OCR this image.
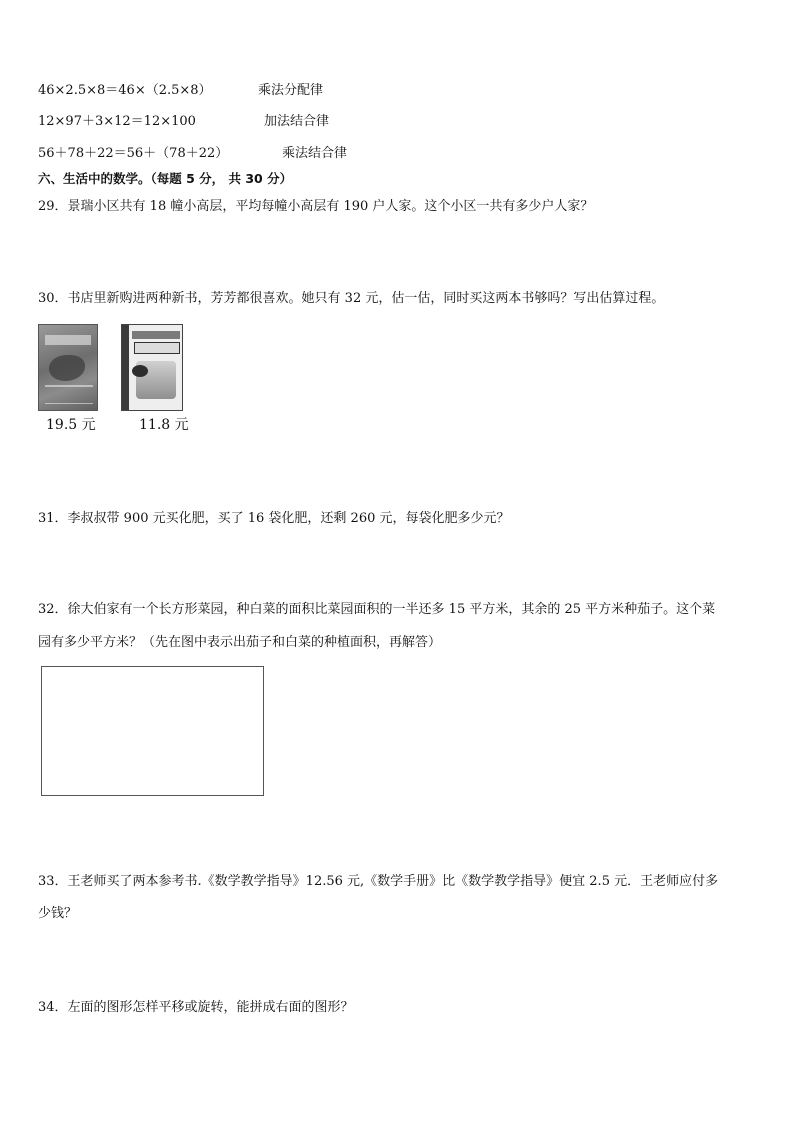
46×2.5×8＝46×（2.5×8）	乘法分配律
12×97＋3×12＝12×100	加法结合律
56＋78＋22＝56＋（78＋22）	乘法结合律
六、生活中的数学。（每题 5 分， 共 30 分）
29．景瑞小区共有 18 幢小高层，平均每幢小高层有 190 户人家。这个小区一共有多少户人家？
30．书店里新购进两种新书，芳芳都很喜欢。她只有 32 元，估一估，同时买这两本书够吗？写出估算过程。
19.5 元	11.8 元
31．李叔叔带 900 元买化肥，买了 16 袋化肥，还剩 260 元，每袋化肥多少元？
32．徐大伯家有一个长方形菜园，种白菜的面积比菜园面积的一半还多 15 平方米，其余的 25 平方米种茄子。这个菜
园有多少平方米？（先在图中表示出茄子和白菜的种植面积，再解答）
33．王老师买了两本参考书.《数学教学指导》12.56 元,《数学手册》比《数学教学指导》便宜 2.5 元．王老师应付多
少钱？
34．左面的图形怎样平移或旋转，能拼成右面的图形？
